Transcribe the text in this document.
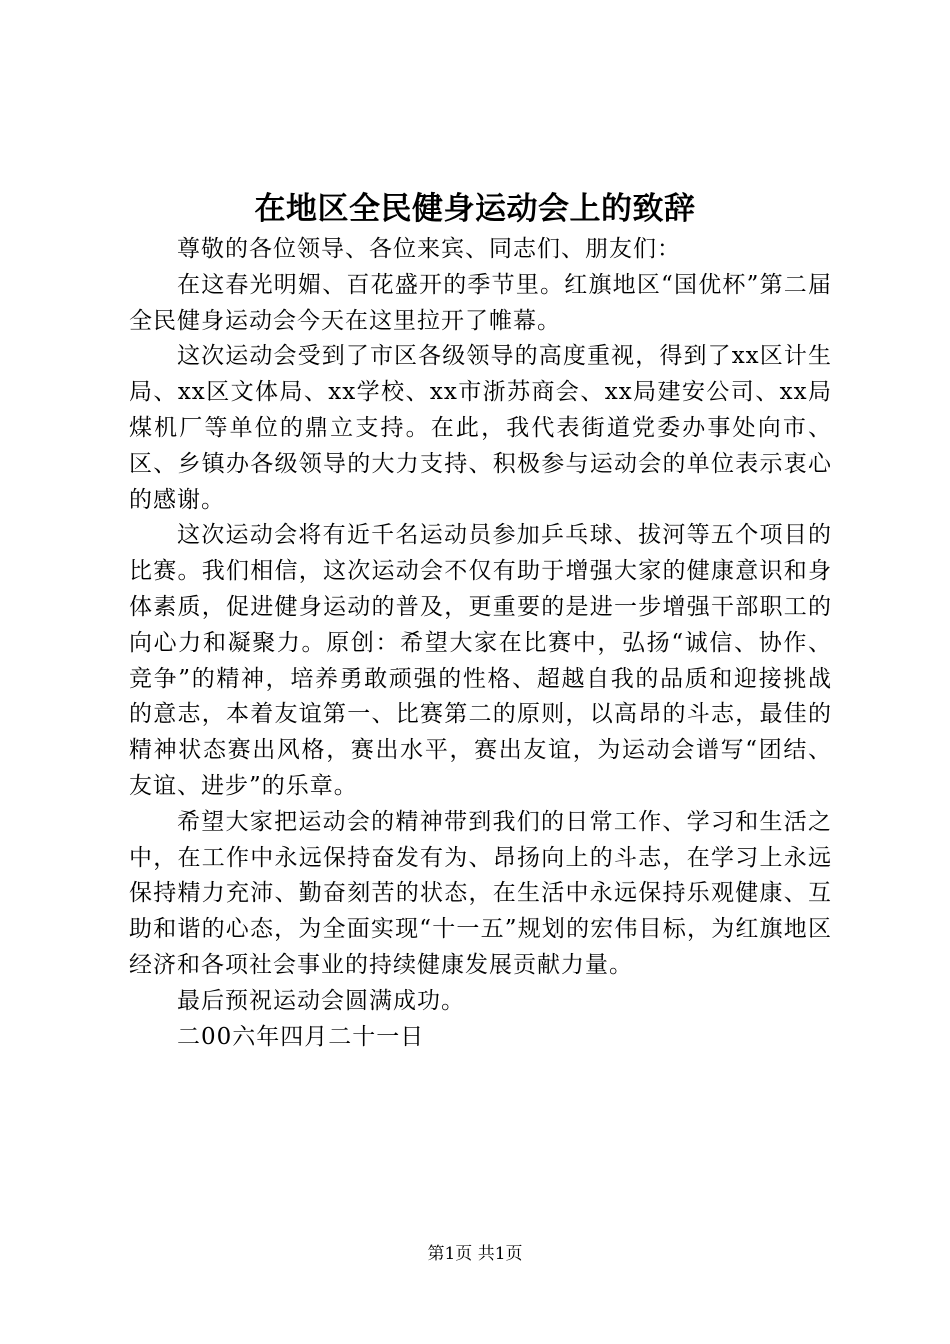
在地区全民健身运动会上的致辞

尊敬的各位领导、各位来宾、同志们、朋友们：

在这春光明媚、百花盛开的季节里。红旗地区“国优杯”第二届全民健身运动会今天在这里拉开了帷幕。

这次运动会受到了市区各级领导的高度重视，得到了xx区计生局、xx区文体局、xx学校、xx市浙苏商会、xx局建安公司、xx局煤机厂等单位的鼎立支持。在此，我代表街道党委办事处向市、区、乡镇办各级领导的大力支持、积极参与运动会的单位表示衷心的感谢。

这次运动会将有近千名运动员参加乒乓球、拔河等五个项目的比赛。我们相信，这次运动会不仅有助于增强大家的健康意识和身体素质，促进健身运动的普及，更重要的是进一步增强干部职工的向心力和凝聚力。原创：希望大家在比赛中，弘扬“诚信、协作、竞争”的精神，培养勇敢顽强的性格、超越自我的品质和迎接挑战的意志，本着友谊第一、比赛第二的原则，以高昂的斗志，最佳的精神状态赛出风格，赛出水平，赛出友谊，为运动会谱写“团结、友谊、进步”的乐章。

希望大家把运动会的精神带到我们的日常工作、学习和生活之中，在工作中永远保持奋发有为、昂扬向上的斗志，在学习上永远保持精力充沛、勤奋刻苦的状态，在生活中永远保持乐观健康、互助和谐的心态，为全面实现“十一五”规划的宏伟目标，为红旗地区经济和各项社会事业的持续健康发展贡献力量。

最后预祝运动会圆满成功。

二00六年四月二十一日

第1页 共1页
